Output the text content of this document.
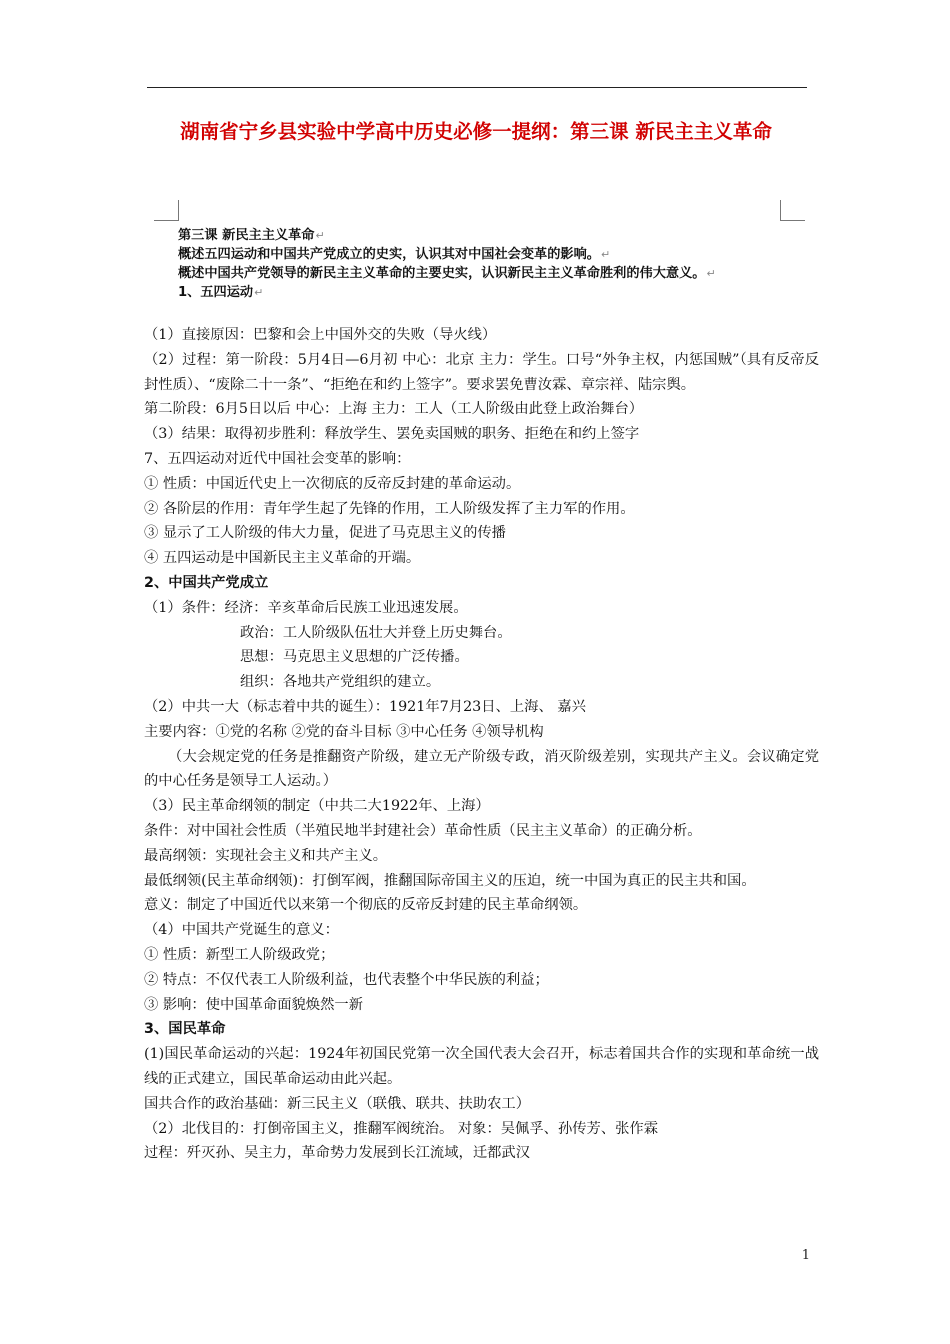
湖南省宁乡县实验中学高中历史必修一提纲：第三课 新民主主义革命
第三课 新民主主义革命↵
概述五四运动和中国共产党成立的史实，认识其对中国社会变革的影响。↵
概述中国共产党领导的新民主主义革命的主要史实，认识新民主主义革命胜利的伟大意义。↵
1、五四运动↵
（1）直接原因：巴黎和会上中国外交的失败（导火线）
（2）过程：第一阶段：5月4日—6月初 中心：北京 主力：学生。口号“外争主权，内惩国贼”（具有反帝反封性质）、“废除二十一条”、“拒绝在和约上签字”。要求罢免曹汝霖、章宗祥、陆宗舆。
第二阶段：6月5日以后 中心：上海 主力：工人（工人阶级由此登上政治舞台）
（3）结果：取得初步胜利：释放学生、罢免卖国贼的职务、拒绝在和约上签字
7、五四运动对近代中国社会变革的影响：
① 性质：中国近代史上一次彻底的反帝反封建的革命运动。
② 各阶层的作用：青年学生起了先锋的作用，工人阶级发挥了主力军的作用。
③ 显示了工人阶级的伟大力量，促进了马克思主义的传播
④ 五四运动是中国新民主主义革命的开端。
2、中国共产党成立
（1）条件：经济：辛亥革命后民族工业迅速发展。
政治：工人阶级队伍壮大并登上历史舞台。
思想：马克思主义思想的广泛传播。
组织：各地共产党组织的建立。
（2）中共一大（标志着中共的诞生）：1921年7月23日、上海、 嘉兴
主要内容：①党的名称 ②党的奋斗目标 ③中心任务 ④领导机构
（大会规定党的任务是推翻资产阶级，建立无产阶级专政，消灭阶级差别，实现共产主义。会议确定党的中心任务是领导工人运动。）
（3）民主革命纲领的制定（中共二大1922年、上海）
条件：对中国社会性质（半殖民地半封建社会）革命性质（民主主义革命）的正确分析。
最高纲领：实现社会主义和共产主义。
最低纲领(民主革命纲领)：打倒军阀，推翻国际帝国主义的压迫，统一中国为真正的民主共和国。
意义：制定了中国近代以来第一个彻底的反帝反封建的民主革命纲领。
（4）中国共产党诞生的意义：
① 性质：新型工人阶级政党；
② 特点：不仅代表工人阶级利益，也代表整个中华民族的利益；
③ 影响：使中国革命面貌焕然一新
3、国民革命
(1)国民革命运动的兴起：1924年初国民党第一次全国代表大会召开，标志着国共合作的实现和革命统一战线的正式建立，国民革命运动由此兴起。
国共合作的政治基础：新三民主义（联俄、联共、扶助农工）
（2）北伐目的：打倒帝国主义，推翻军阀统治。 对象：吴佩孚、孙传芳、张作霖
过程：歼灭孙、吴主力，革命势力发展到长江流域，迁都武汉
1
